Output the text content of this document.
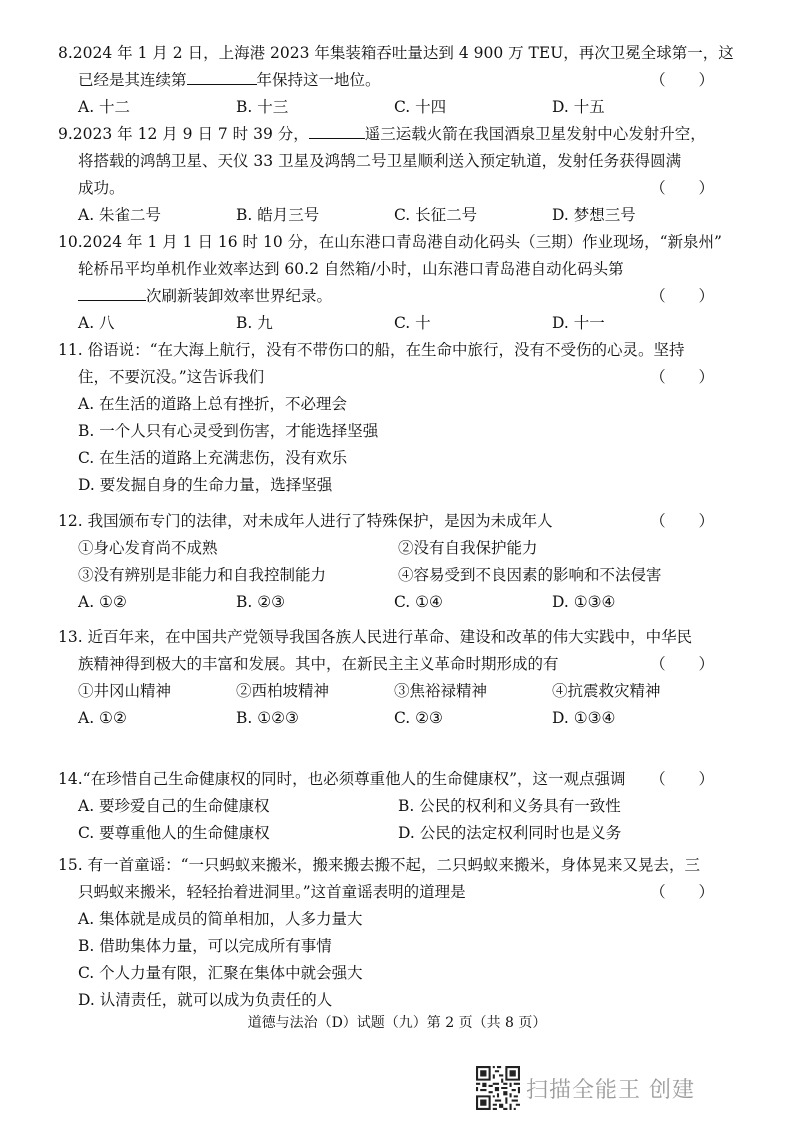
8.2024 年 1 月 2 日，上海港 2023 年集装箱吞吐量达到 4 900 万 TEU，再次卫冕全球第一，这
已经是其连续第	年保持这一地位。	（ ）
A. 十二	B. 十三	C. 十四	D. 十五
9.2023 年 12 月 9 日 7 时 39 分，	遥三运载火箭在我国酒泉卫星发射中心发射升空，
将搭载的鸿鹄卫星、天仪 33 卫星及鸿鹄二号卫星顺利送入预定轨道，发射任务获得圆满
成功。	（ ）
A. 朱雀二号	B. 皓月三号	C. 长征二号	D. 梦想三号
10.2024 年 1 月 1 日 16 时 10 分，在山东港口青岛港自动化码头（三期）作业现场，“新泉州”
轮桥吊平均单机作业效率达到 60.2 自然箱/小时，山东港口青岛港自动化码头第
次刷新装卸效率世界纪录。	（ ）
A. 八	B. 九	C. 十	D. 十一
11. 俗语说：“在大海上航行，没有不带伤口的船，在生命中旅行，没有不受伤的心灵。坚持
住，不要沉没。”这告诉我们	（ ）
A. 在生活的道路上总有挫折，不必理会
B. 一个人只有心灵受到伤害，才能选择坚强
C. 在生活的道路上充满悲伤，没有欢乐
D. 要发掘自身的生命力量，选择坚强
12. 我国颁布专门的法律，对未成年人进行了特殊保护，是因为未成年人	（ ）
①身心发育尚不成熟	②没有自我保护能力
③没有辨别是非能力和自我控制能力	④容易受到不良因素的影响和不法侵害
A. ①②	B. ②③	C. ①④	D. ①③④
13. 近百年来，在中国共产党领导我国各族人民进行革命、建设和改革的伟大实践中，中华民
族精神得到极大的丰富和发展。其中，在新民主主义革命时期形成的有	（ ）
①井冈山精神	②西柏坡精神	③焦裕禄精神	④抗震救灾精神
A. ①②	B. ①②③	C. ②③	D. ①③④
14.“在珍惜自己生命健康权的同时，也必须尊重他人的生命健康权”，这一观点强调	（ ）
A. 要珍爱自己的生命健康权	B. 公民的权利和义务具有一致性
C. 要尊重他人的生命健康权	D. 公民的法定权利同时也是义务
15. 有一首童谣：“一只蚂蚁来搬米，搬来搬去搬不起，二只蚂蚁来搬米，身体晃来又晃去，三
只蚂蚁来搬米，轻轻抬着进洞里。”这首童谣表明的道理是	（ ）
A. 集体就是成员的简单相加，人多力量大
B. 借助集体力量，可以完成所有事情
C. 个人力量有限，汇聚在集体中就会强大
D. 认清责任，就可以成为负责任的人
道德与法治（D）试题（九）第 2 页（共 8 页）
扫描全能王 创建
